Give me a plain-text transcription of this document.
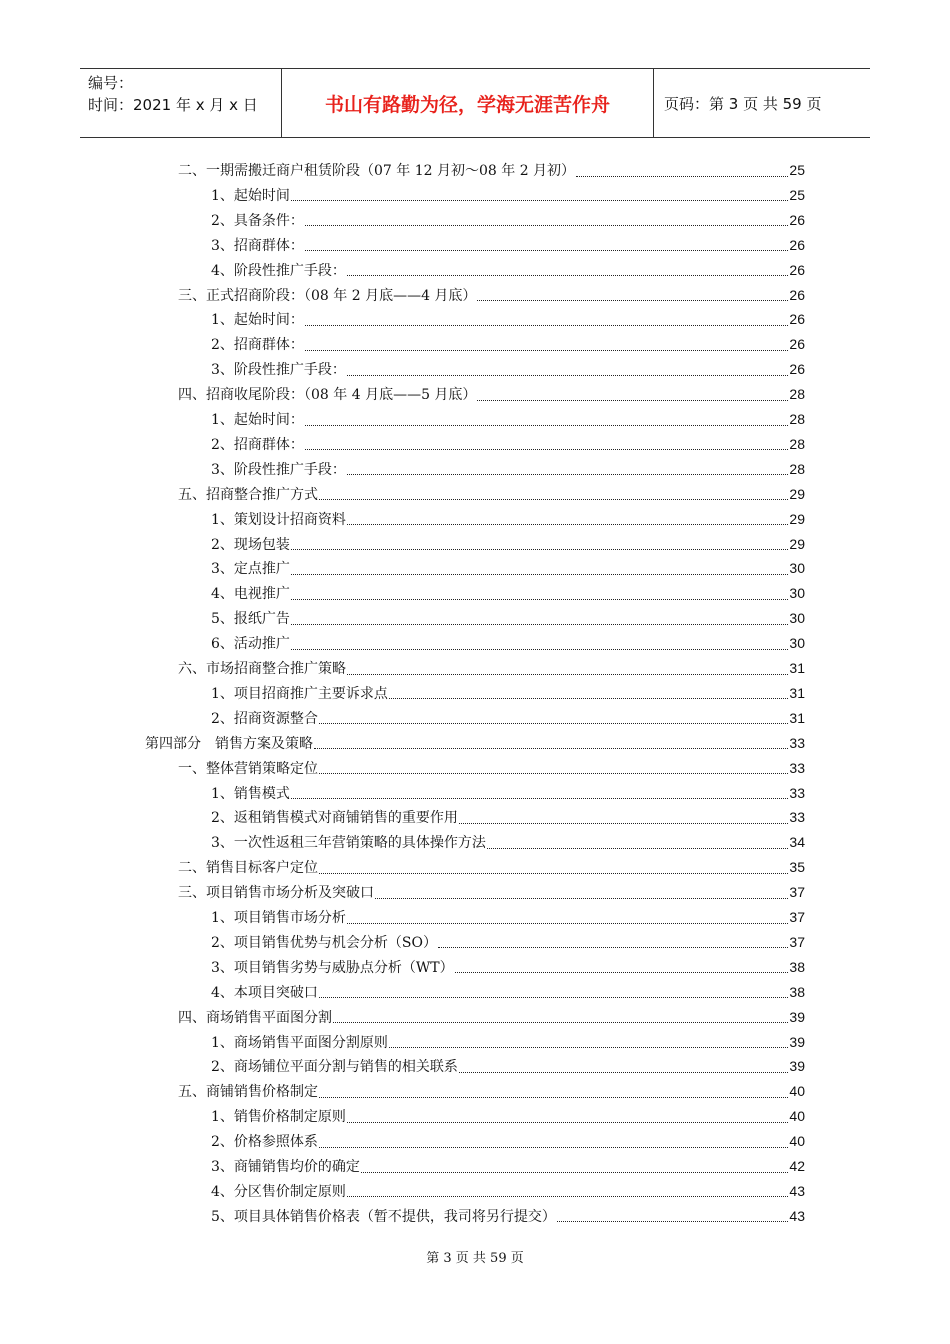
编号：
时间：2021 年 x 月 x 日	书山有路勤为径，学海无涯苦作舟	页码：第 3 页 共 59 页
二、一期需搬迁商户租赁阶段（07 年 12 月初～08 年 2 月初）	25
1、起始时间	25
2、具备条件：	26
3、招商群体：	26
4、阶段性推广手段：	26
三、正式招商阶段：（08 年 2 月底——4 月底）	26
1、起始时间：	26
2、招商群体：	26
3、阶段性推广手段：	26
四、招商收尾阶段：（08 年 4 月底——5 月底）	28
1、起始时间：	28
2、招商群体：	28
3、阶段性推广手段：	28
五、招商整合推广方式	29
1、策划设计招商资料	29
2、现场包装	29
3、定点推广	30
4、电视推广	30
5、报纸广告	30
6、活动推广	30
六、市场招商整合推广策略	31
1、项目招商推广主要诉求点	31
2、招商资源整合	31
第四部分　销售方案及策略	33
一、整体营销策略定位	33
1、销售模式	33
2、返租销售模式对商铺销售的重要作用	33
3、一次性返租三年营销策略的具体操作方法	34
二、销售目标客户定位	35
三、项目销售市场分析及突破口	37
1、项目销售市场分析	37
2、项目销售优势与机会分析（SO）	37
3、项目销售劣势与威胁点分析（WT）	38
4、本项目突破口	38
四、商场销售平面图分割	39
1、商场销售平面图分割原则	39
2、商场铺位平面分割与销售的相关联系	39
五、商铺销售价格制定	40
1、销售价格制定原则	40
2、价格参照体系	40
3、商铺销售均价的确定	42
4、分区售价制定原则	43
5、项目具体销售价格表（暂不提供，我司将另行提交）	43
第 3 页 共 59 页
